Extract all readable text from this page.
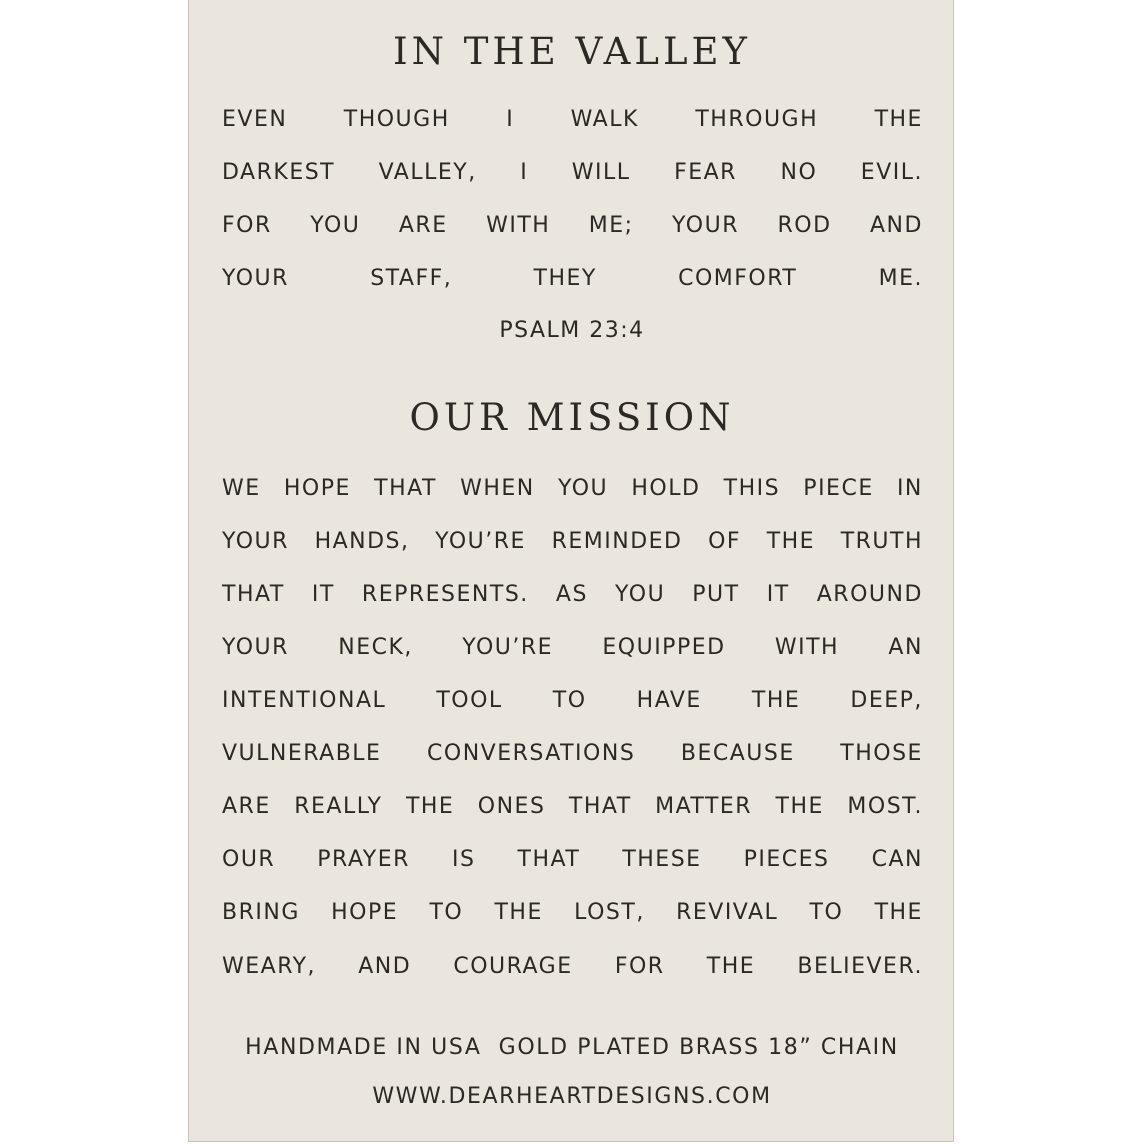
IN THE VALLEY
EVEN	THOUGH	I	WALK	THROUGH	THE
DARKEST VALLEY, I WILL FEAR NO EVIL.
FOR YOU ARE WITH ME; YOUR ROD AND
YOUR	STAFF,	THEY	COMFORT	ME.
PSALM 23:4
OUR MISSION
WE HOPE THAT WHEN YOU HOLD THIS PIECE IN
YOUR HANDS, YOU’RE REMINDED OF THE TRUTH
THAT IT REPRESENTS. AS YOU PUT IT AROUND
YOUR NECK, YOU’RE EQUIPPED WITH AN
INTENTIONAL TOOL TO HAVE THE DEEP,
VULNERABLE CONVERSATIONS BECAUSE THOSE
ARE REALLY THE ONES THAT MATTER THE MOST.
OUR PRAYER IS THAT THESE PIECES CAN
BRING HOPE TO THE LOST, REVIVAL TO THE
WEARY, AND COURAGE FOR THE BELIEVER.
HANDMADE IN USA  GOLD PLATED BRASS 18” CHAIN
WWW.DEARHEARTDESIGNS.COM
